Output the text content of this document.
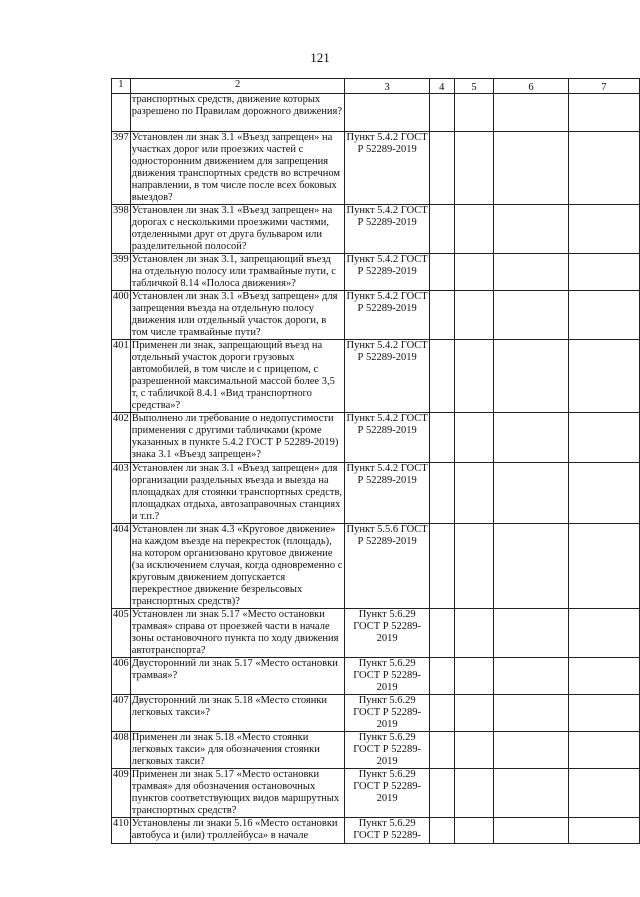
121
1	2	3	4	5	6	7
	транспортных средств, движение которых разрешено по Правилам дорожного движения?					
397	Установлен ли знак 3.1 «Въезд запрещен» на участках дорог или проезжих частей с односторонним движением для запрещения движения транспортных средств во встречном направлении, в том числе после всех боковых выездов?	Пункт 5.4.2 ГОСТ Р 52289-2019				
398	Установлен ли знак 3.1 «Въезд запрещен» на дорогах с несколькими проезжими частями, отделенными друг от друга бульваром или разделительной полосой?	Пункт 5.4.2 ГОСТ Р 52289-2019				
399	Установлен ли знак 3.1, запрещающий въезд на отдельную полосу или трамвайные пути, с табличкой 8.14 «Полоса движения»?	Пункт 5.4.2 ГОСТ Р 52289-2019				
400	Установлен ли знак 3.1 «Въезд запрещен» для запрещения въезда на отдельную полосу движения или отдельный участок дороги, в том числе трамвайные пути?	Пункт 5.4.2 ГОСТ Р 52289-2019				
401	Применен ли знак, запрещающий въезд на отдельный участок дороги грузовых автомобилей, в том числе и с прицепом, с разрешенной максимальной массой более 3,5 т, с табличкой 8.4.1 «Вид транспортного средства»?	Пункт 5.4.2 ГОСТ Р 52289-2019				
402	Выполнено ли требование о недопустимости применения с другими табличками (кроме указанных в пункте 5.4.2 ГОСТ Р 52289-2019) знака 3.1 «Въезд запрещен»?	Пункт 5.4.2 ГОСТ Р 52289-2019				
403	Установлен ли знак 3.1 «Въезд запрещен» для организации раздельных въезда и выезда на площадках для стоянки транспортных средств, площадках отдыха, автозаправочных станциях и т.п.?	Пункт 5.4.2 ГОСТ Р 52289-2019				
404	Установлен ли знак 4.3 «Круговое движение» на каждом въезде на перекресток (площадь), на котором организовано круговое движение (за исключением случая, когда одновременно с круговым движением допускается перекрестное движение безрельсовых транспортных средств)?	Пункт 5.5.6 ГОСТ Р 52289-2019				
405	Установлен ли знак 5.17 «Место остановки трамвая» справа от проезжей части в начале зоны остановочного пункта по ходу движения автотранспорта?	Пункт 5.6.29 ГОСТ Р 52289-2019				
406	Двусторонний ли знак 5.17 «Место остановки трамвая»?	Пункт 5.6.29 ГОСТ Р 52289-2019				
407	Двусторонний ли знак 5.18 «Место стоянки легковых такси»?	Пункт 5.6.29 ГОСТ Р 52289-2019				
408	Применен ли знак 5.18 «Место стоянки легковых такси» для обозначения стоянки легковых такси?	Пункт 5.6.29 ГОСТ Р 52289-2019				
409	Применен ли знак 5.17 «Место остановки трамвая» для обозначения остановочных пунктов соответствующих видов маршрутных транспортных средств?	Пункт 5.6.29 ГОСТ Р 52289-2019				
410	Установлены ли знаки 5.16 «Место остановки автобуса и (или) троллейбуса» в начале	Пункт 5.6.29 ГОСТ Р 52289-				
